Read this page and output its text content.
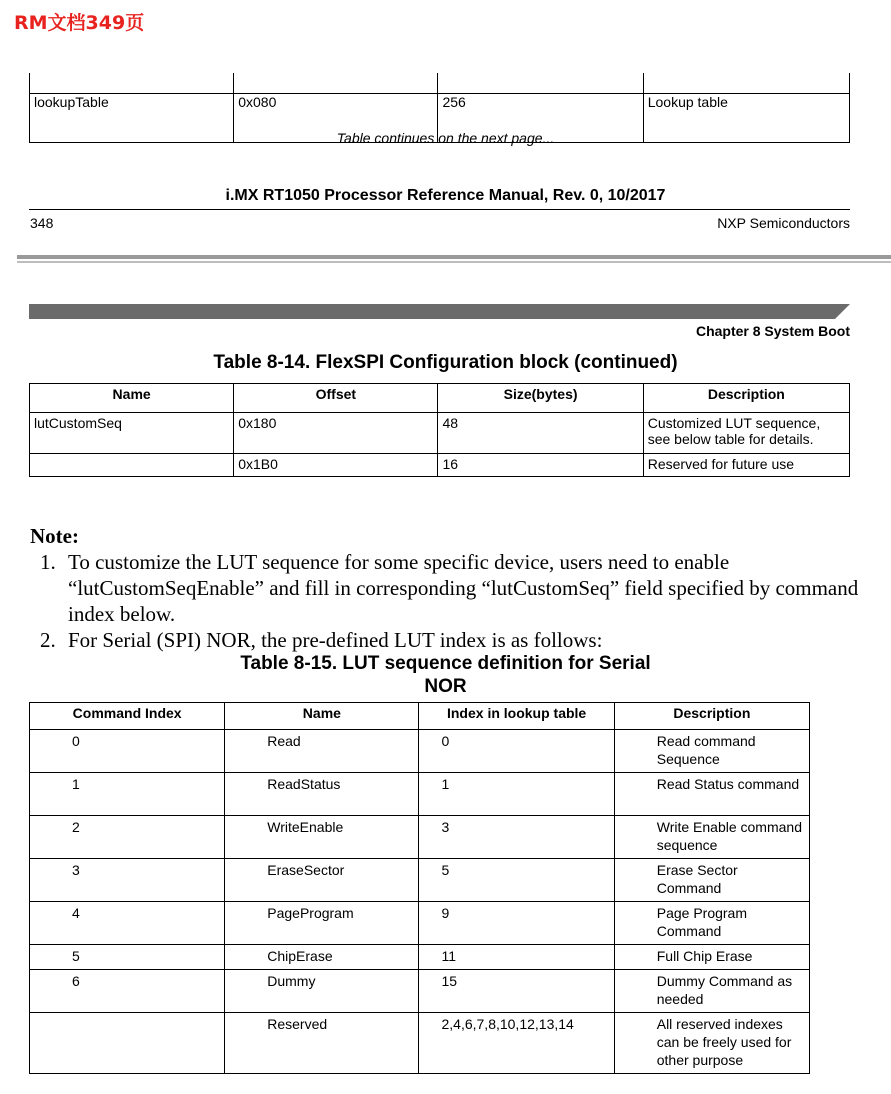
RM文档349页

lookupTable	0x080	256	Lookup table
Table continues on the next page...
i.MX RT1050 Processor Reference Manual, Rev. 0, 10/2017
348	NXP Semiconductors
Chapter 8 System Boot
Table 8-14. FlexSPI Configuration block (continued)
Name	Offset	Size(bytes)	Description
lutCustomSeq	0x180	48	Customized LUT sequence, see below table for details.
	0x1B0	16	Reserved for future use
Note:
1. To customize the LUT sequence for some specific device, users need to enable “lutCustomSeqEnable” and fill in corresponding “lutCustomSeq” field specified by command index below.
2. For Serial (SPI) NOR, the pre-defined LUT index is as follows:
Table 8-15. LUT sequence definition for Serial
NOR
Command Index	Name	Index in lookup table	Description
0	Read	0	Read command Sequence
1	ReadStatus	1	Read Status command
2	WriteEnable	3	Write Enable command sequence
3	EraseSector	5	Erase Sector Command
4	PageProgram	9	Page Program Command
5	ChipErase	11	Full Chip Erase
6	Dummy	15	Dummy Command as needed
	Reserved	2,4,6,7,8,10,12,13,14	All reserved indexes can be freely used for other purpose
